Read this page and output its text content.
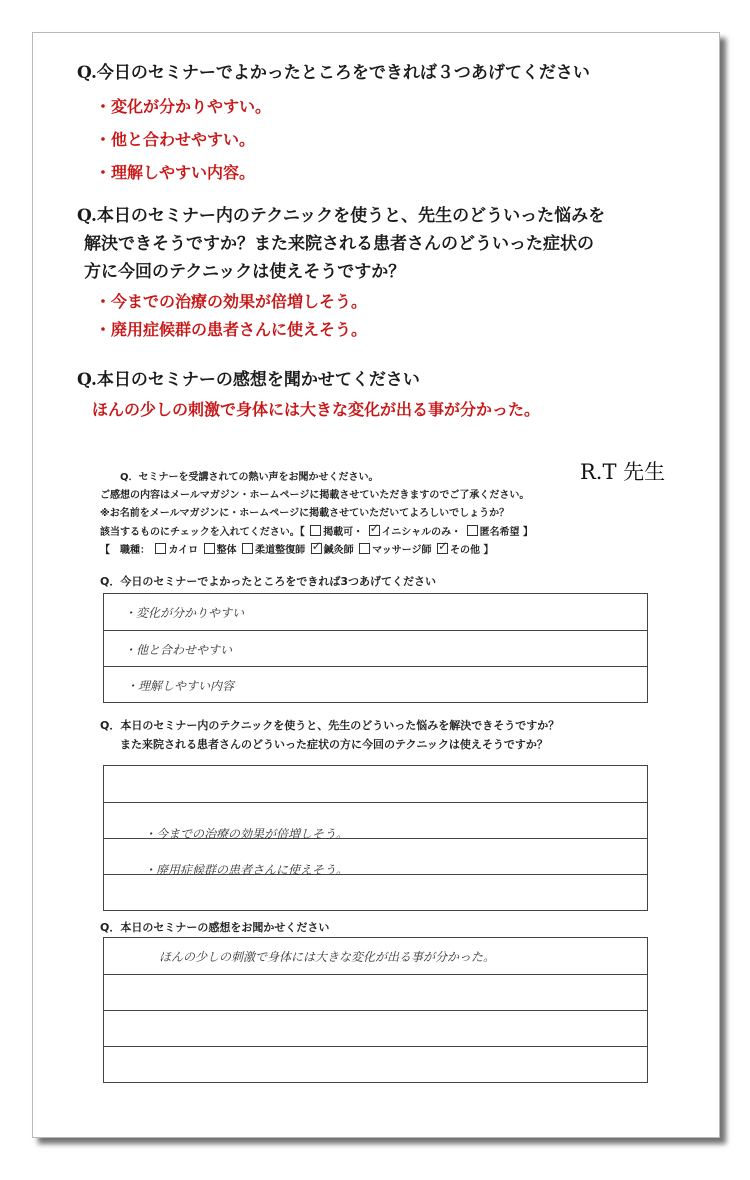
Q.今日のセミナーでよかったところをできれば３つあげてください
・変化が分かりやすい。
・他と合わせやすい。
・理解しやすい内容。
Q.本日のセミナー内のテクニックを使うと、先生のどういった悩みを
解決できそうですか？また来院される患者さんのどういった症状の
方に今回のテクニックは使えそうですか？
・今までの治療の効果が倍増しそう。
・廃用症候群の患者さんに使えそう。
Q.本日のセミナーの感想を聞かせてください
ほんの少しの刺激で身体には大きな変化が出る事が分かった。
R.T 先生
Q．セミナーを受講されての熱い声をお聞かせください。
ご感想の内容はメールマガジン・ホームページに掲載させていただきますのでご了承ください。
※お名前をメールマガジンに・ホームページに掲載させていただいてよろしいでしょうか？
該当するものにチェックを入れてください。【 掲載可・ ✓ イニシャルのみ・ 匿名希望 】
【　職種： カイロ 整体 柔道整復師 ✓ 鍼灸師 マッサージ師 ✓ その他 】
Q．今日のセミナーでよかったところをできれば3つあげてください
・変化が分かりやすい
・他と合わせやすい
・理解しやすい内容
Q．本日のセミナー内のテクニックを使うと、先生のどういった悩みを解決できそうですか？
また来院される患者さんのどういった症状の方に今回のテクニックは使えそうですか？
・今までの治療の効果が倍増しそう。
・廃用症候群の患者さんに使えそう。
Q．本日のセミナーの感想をお聞かせください
ほんの少しの刺激で身体には大きな変化が出る事が分かった。
